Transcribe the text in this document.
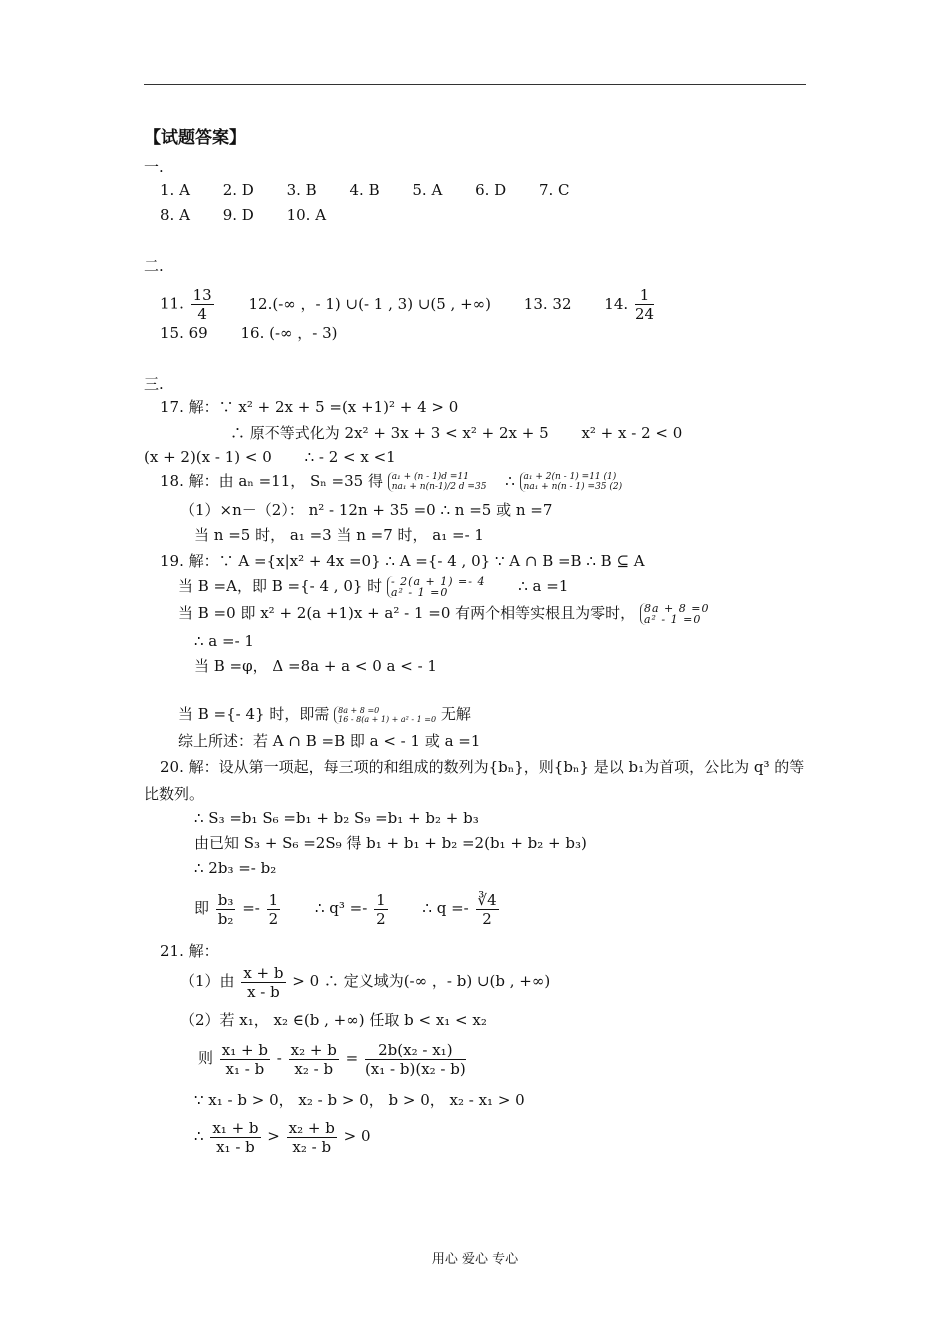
【试题答案】
一.
1. A 2. D 3. B 4. B 5. A 6. D 7. C
8. A 9. D 10. A
二.
11. $\frac{13}{4} 12.(-\infty$ ，- 1) ∪(- 1 , 3) ∪(5 , +∞) 13. 32 14. $\frac{1}{24}$
15. 69 16. (-∞ ，- 3)
三.
17. 解：∵ x² + 2x + 5 =(x +1)² + 4 > 0
∴ 原不等式化为 2x² + 3x + 3 < x² + 2x + 5 x² + x - 2 < 0
(x + 2)(x - 1) < 0 ∴ - 2 < x <1
18. 解：由 aₙ =11， Sₙ =35 得 a₁ + (n - 1)d =11
na₁ + n(n-1)/2 d =35 ∴ a₁ + 2(n - 1) =11 (1)
na₁ + n(n - 1) =35 (2)
（1）×n－（2）： n² - 12n + 35 =0 ∴ n =5 或 n =7
当 n =5 时， a₁ =3 当 n =7 时， a₁ =- 1
19. 解：∵ A ={x|x² + 4x =0} ∴ A ={- 4 , 0} ∵ A ∩ B =B ∴ B ⊆ A
当 B =A，即 B ={- 4 , 0} 时 - 2(a + 1) =- 4
a² - 1 =0	∴ a =1
当 B =0 即 x² + 2(a +1)x + a² - 1 =0 有两个相等实根且为零时， 8a + 8 =0
a² - 1 =0
∴ a =- 1
当 B =φ， Δ =8a + a < 0 a < - 1
当 B ={- 4} 时，即需 8a + 8 =0
16 - 8(a + 1) + a² - 1 =0 无解
综上所述：若 A ∩ B =B 即 a < - 1 或 a =1
20. 解：设从第一项起，每三项的和组成的数列为{bₙ}，则{bₙ} 是以 b₁为首项，公比为 q³ 的等
比数列。
∴ S₃ =b₁ S₆ =b₁ + b₂ S₉ =b₁ + b₂ + b₃
由已知 S₃ + S₆ =2S₉ 得 b₁ + b₁ + b₂ =2(b₁ + b₂ + b₃)
∴ 2b₃ =- b₂
即 $\frac{\text{b₃}}{\text{b₂}} =- \frac{1}{2}$ ∴ $q^3 =- \frac{1}{2}$ ∴ $q =- \frac{∛4}{2}$
21. 解：
（1）由 $\frac{x + b}{x - b} > 0$ ∴ 定义域为(-∞ ，- b) ∪(b , +∞)
（2）若 x₁， x₂ ∈(b , +∞) 任取 b < x₁ < x₂
则 $\frac{\text{x₁ + b}}{\text{x₁ - b}} - \frac{\text{x₂ + b}}{\text{x₂ - b}} = \frac{\text{2b(x₂ - x₁)}}{\text{(x₁ - b)(x₂ - b)}}$
∵ x₁ - b > 0， x₂ - b > 0， b > 0， x₂ - x₁ > 0
∴ $\frac{\text{x₁ + b}}{\text{x₁ - b}} > \frac{\text{x₂ + b}}{\text{x₂ - b}} > 0$
用心 爱心 专心
